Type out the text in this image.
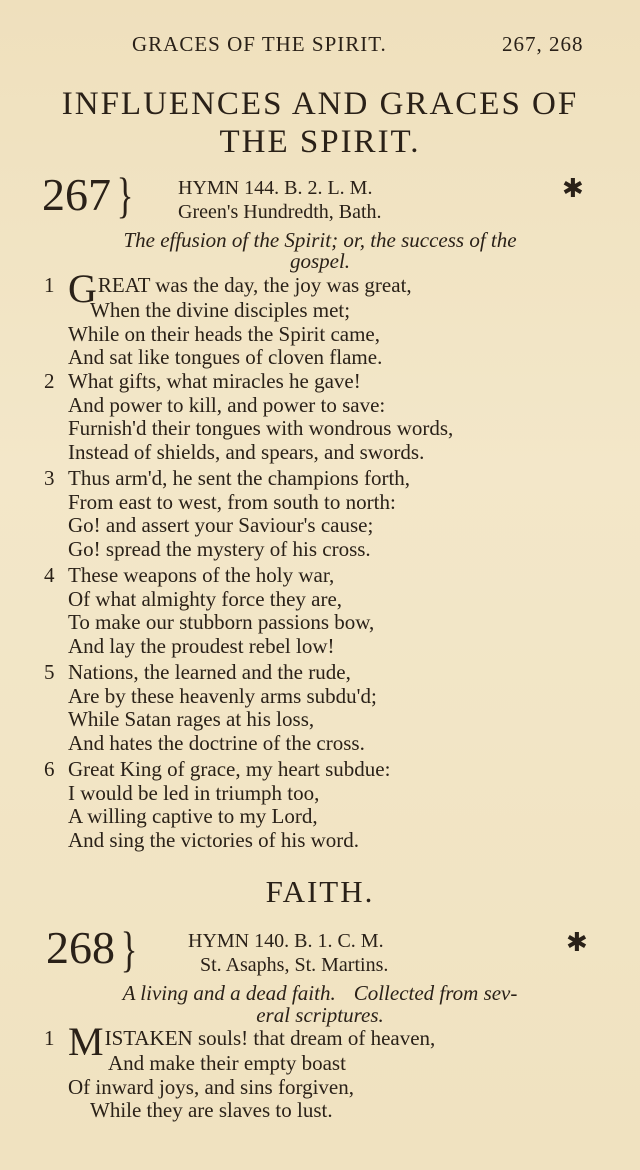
GRACES OF THE SPIRIT.	267, 268
INFLUENCES AND GRACES OF
THE SPIRIT.
267 } HYMN 144. B. 2. L. M.
Green's Hundredth, Bath.
✱
The effusion of the Spirit; or, the success of the
gospel.
1 GREAT was the day, the joy was great,
When the divine disciples met;
While on their heads the Spirit came,
And sat like tongues of cloven flame.
2 What gifts, what miracles he gave!
And power to kill, and power to save:
Furnish'd their tongues with wondrous words,
Instead of shields, and spears, and swords.
3 Thus arm'd, he sent the champions forth,
From east to west, from south to north:
Go! and assert your Saviour's cause;
Go! spread the mystery of his cross.
4 These weapons of the holy war,
Of what almighty force they are,
To make our stubborn passions bow,
And lay the proudest rebel low!
5 Nations, the learned and the rude,
Are by these heavenly arms subdu'd;
While Satan rages at his loss,
And hates the doctrine of the cross.
6 Great King of grace, my heart subdue:
I would be led in triumph too,
A willing captive to my Lord,
And sing the victories of his word.
FAITH.
268 }	HYMN 140. B. 1. C. M.
St. Asaphs, St. Martins.
✱
A living and a dead faith. Collected from sev-
eral scriptures.
1 MISTAKEN souls! that dream of heaven,
And make their empty boast
Of inward joys, and sins forgiven,
While they are slaves to lust.
